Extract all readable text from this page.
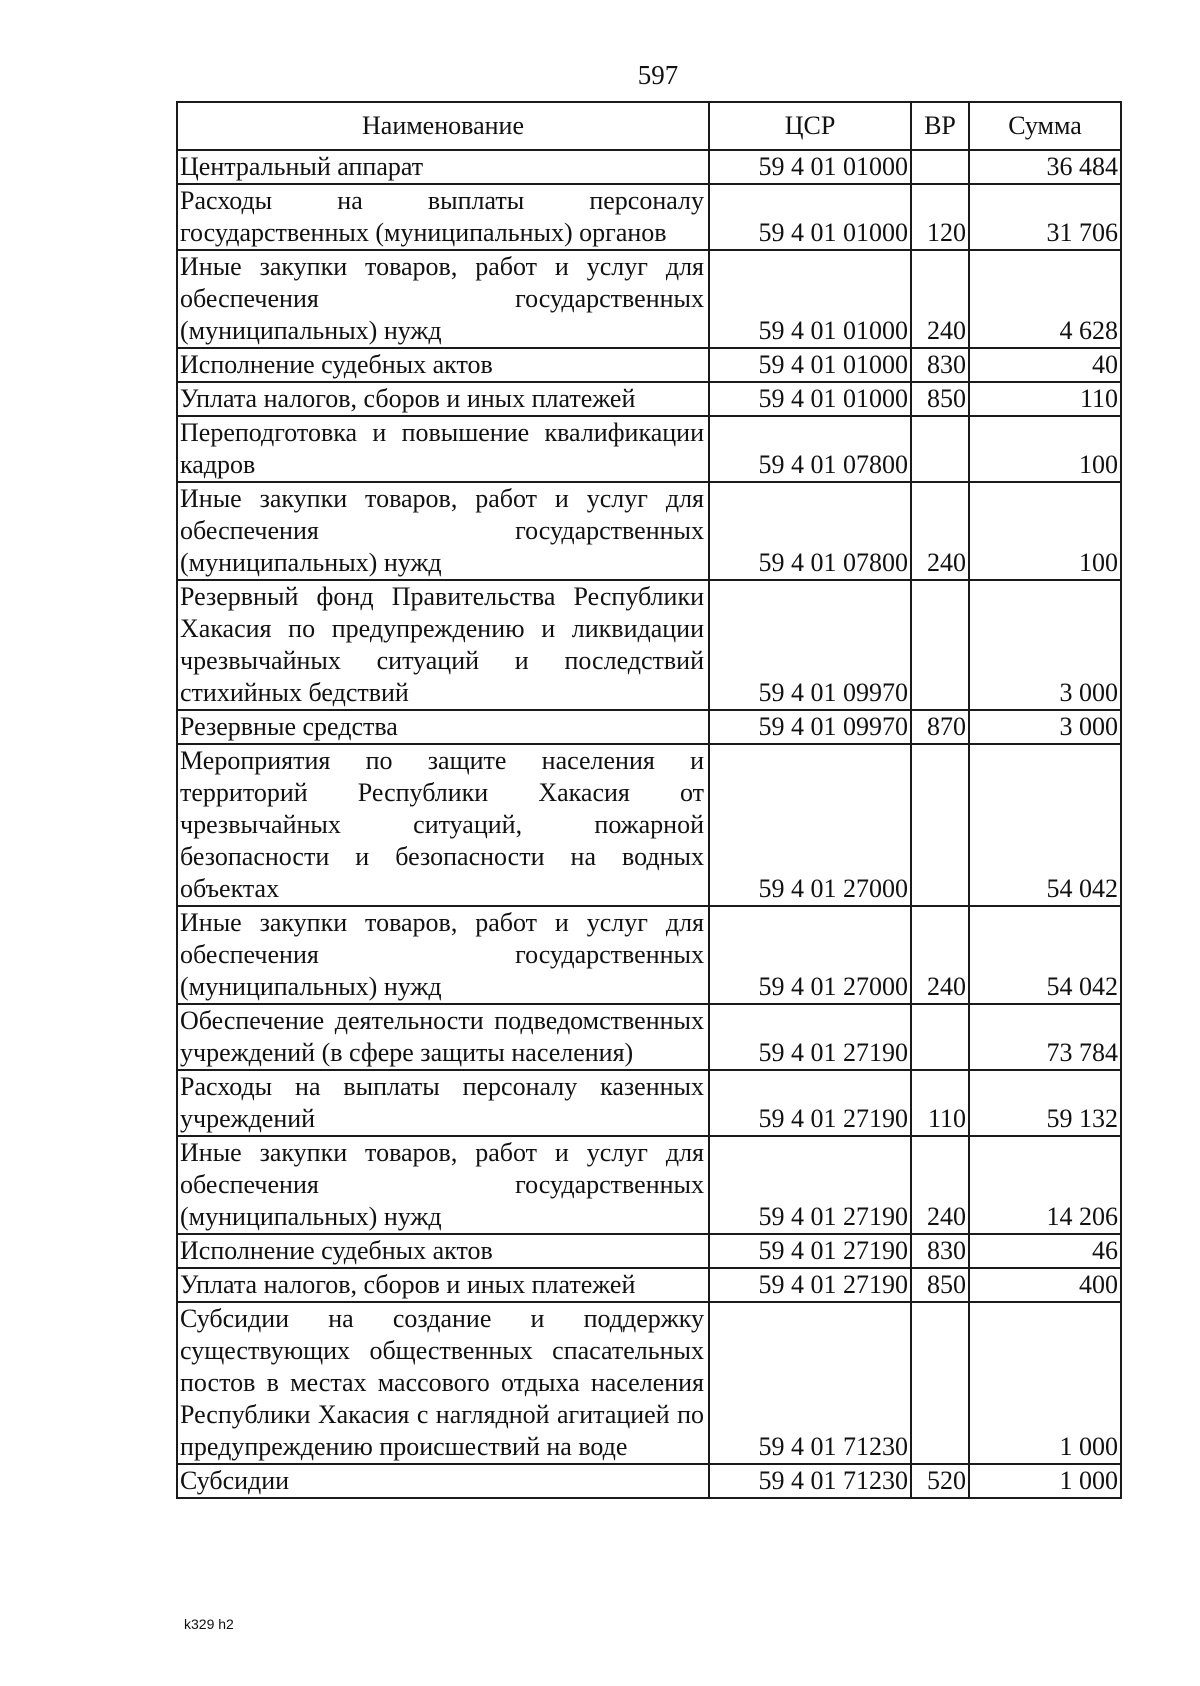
597
Наименование	ЦСР	ВР	Сумма
Центральный аппарат	59 4 01 01000		36 484
Расходы на выплаты персоналу государственных (муниципальных) органов	59 4 01 01000	120	31 706
Иные закупки товаров, работ и услуг для обеспечения государственных (муниципальных) нужд	59 4 01 01000	240	4 628
Исполнение судебных актов	59 4 01 01000	830	40
Уплата налогов, сборов и иных платежей	59 4 01 01000	850	110
Переподготовка и повышение квалификации кадров	59 4 01 07800		100
Иные закупки товаров, работ и услуг для обеспечения государственных (муниципальных) нужд	59 4 01 07800	240	100
Резервный фонд Правительства Республики Хакасия по предупреждению и ликвидации чрезвычайных ситуаций и последствий стихийных бедствий	59 4 01 09970		3 000
Резервные средства	59 4 01 09970	870	3 000
Мероприятия по защите населения и территорий Республики Хакасия от чрезвычайных ситуаций, пожарной безопасности и безопасности на водных объектах	59 4 01 27000		54 042
Иные закупки товаров, работ и услуг для обеспечения государственных (муниципальных) нужд	59 4 01 27000	240	54 042
Обеспечение деятельности подведомственных учреждений (в сфере защиты населения)	59 4 01 27190		73 784
Расходы на выплаты персоналу казенных учреждений	59 4 01 27190	110	59 132
Иные закупки товаров, работ и услуг для обеспечения государственных (муниципальных) нужд	59 4 01 27190	240	14 206
Исполнение судебных актов	59 4 01 27190	830	46
Уплата налогов, сборов и иных платежей	59 4 01 27190	850	400
Субсидии на создание и поддержку существующих общественных спасательных постов в местах массового отдыха населения Республики Хакасия с наглядной агитацией по предупреждению происшествий на воде	59 4 01 71230		1 000
Субсидии	59 4 01 71230	520	1 000
k329 h2
